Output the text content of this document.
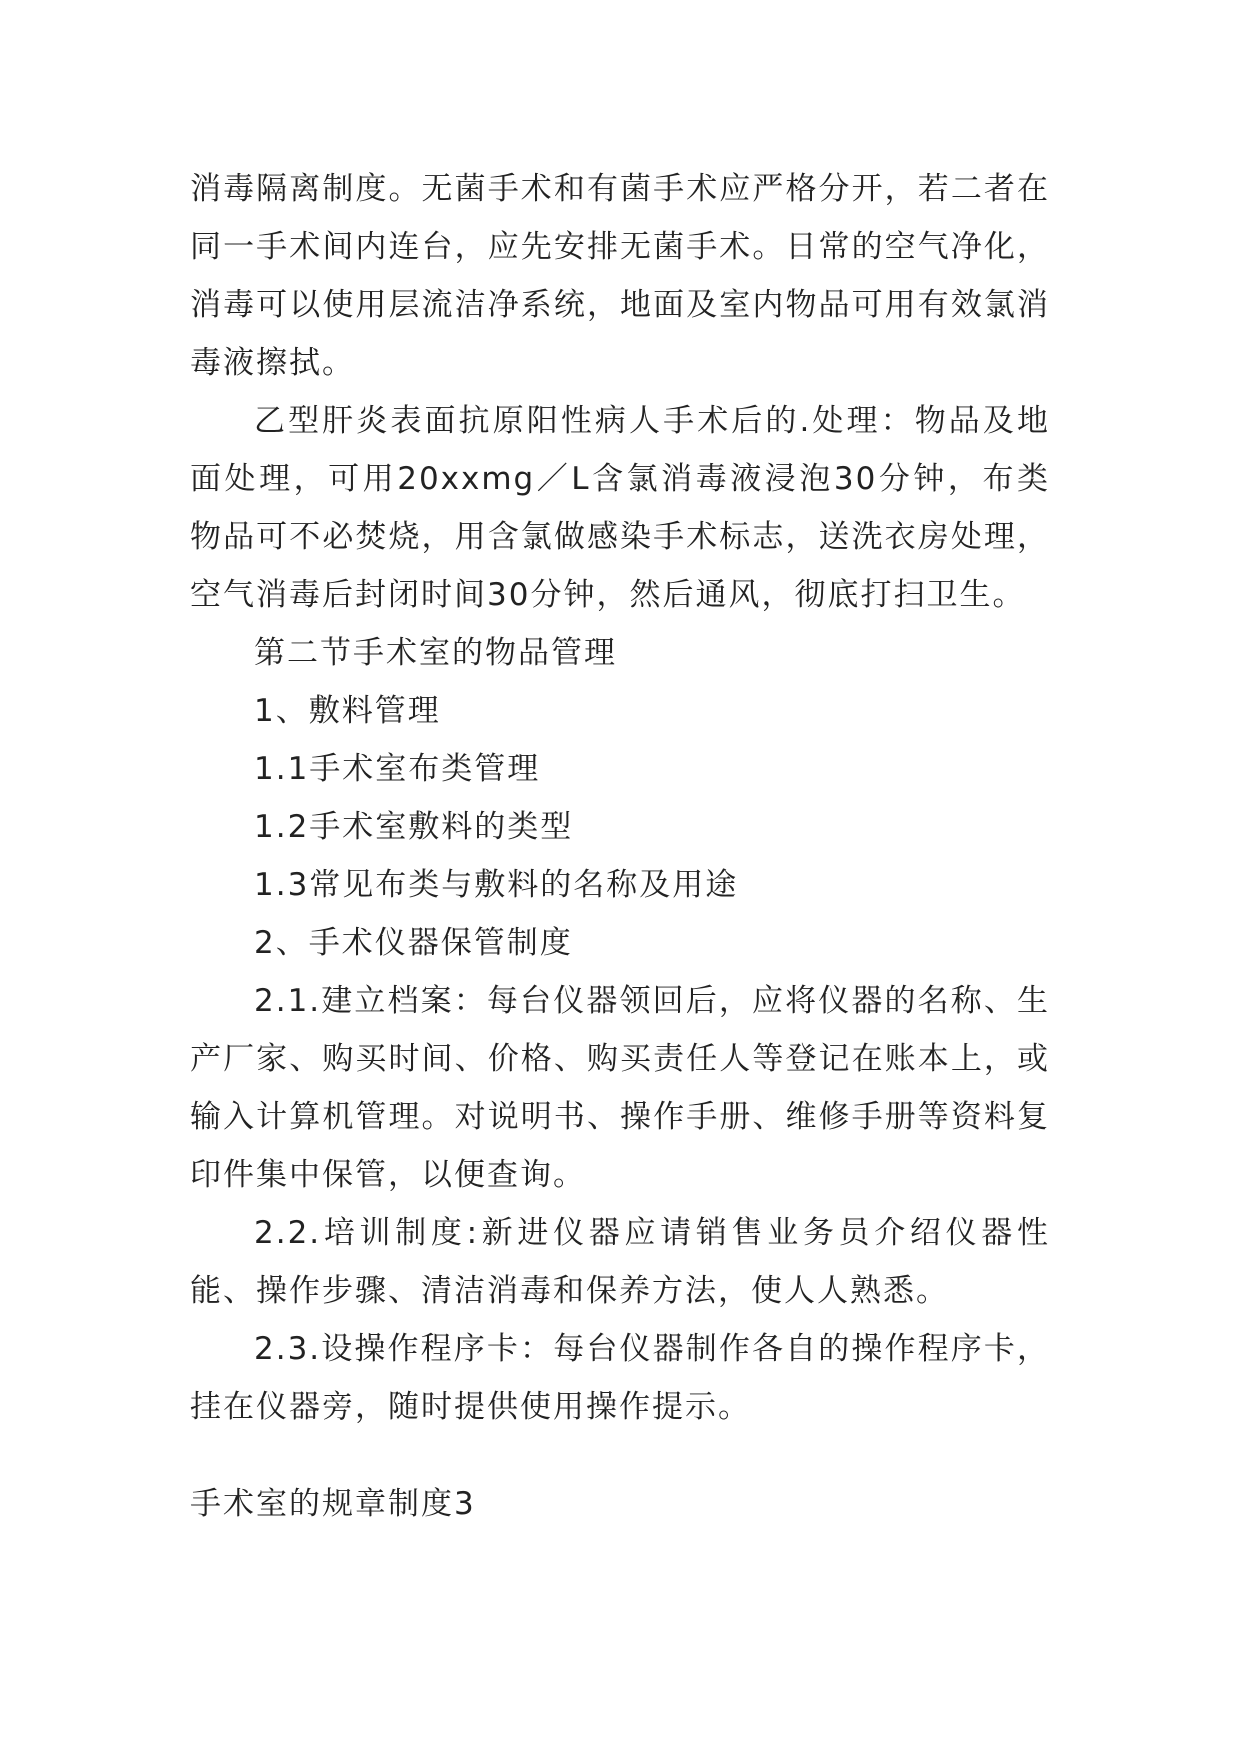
消毒隔离制度。无菌手术和有菌手术应严格分开，若二者在同一手术间内连台，应先安排无菌手术。日常的空气净化，消毒可以使用层流洁净系统，地面及室内物品可用有效氯消毒液擦拭。

乙型肝炎表面抗原阳性病人手术后的.处理：物品及地面处理，可用20xxmg／L含氯消毒液浸泡30分钟，布类物品可不必焚烧，用含氯做感染手术标志，送洗衣房处理，空气消毒后封闭时间30分钟，然后通风，彻底打扫卫生。

第二节手术室的物品管理

1、敷料管理

1.1手术室布类管理

1.2手术室敷料的类型

1.3常见布类与敷料的名称及用途

2、手术仪器保管制度

2.1.建立档案：每台仪器领回后，应将仪器的名称、生产厂家、购买时间、价格、购买责任人等登记在账本上，或输入计算机管理。对说明书、操作手册、维修手册等资料复印件集中保管，以便查询。

2.2.培训制度:新进仪器应请销售业务员介绍仪器性能、操作步骤、清洁消毒和保养方法，使人人熟悉。

2.3.设操作程序卡：每台仪器制作各自的操作程序卡，挂在仪器旁，随时提供使用操作提示。

手术室的规章制度3
